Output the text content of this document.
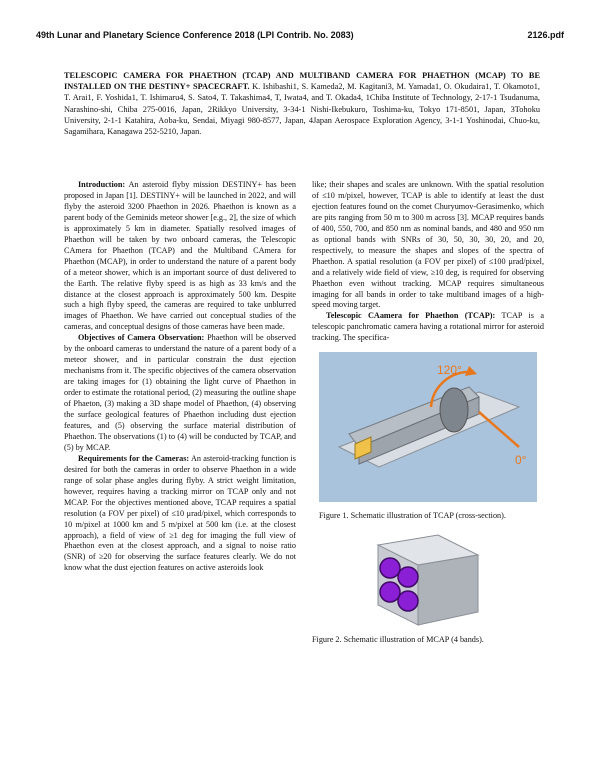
49th Lunar and Planetary Science Conference 2018 (LPI Contrib. No. 2083)	2126.pdf
TELESCOPIC CAMERA FOR PHAETHON (TCAP) AND MULTIBAND CAMERA FOR PHAETHON (MCAP) TO BE INSTALLED ON THE DESTINY+ SPACECRAFT. K. Ishibashi1, S. Kameda2, M. Kagitani3, M. Yamada1, O. Okudaira1, T. Okamoto1, T. Arai1, F. Yoshida1, T. Ishimaru4, S. Sato4, T. Takashima4, T, Iwata4, and T. Okada4, 1Chiba Institute of Technology, 2-17-1 Tsudanuma, Narashino-shi, Chiba 275-0016, Japan, 2Rikkyo University, 3-34-1 Nishi-Ikebukuro, Toshima-ku, Tokyo 171-8501, Japan, 3Tohoku University, 2-1-1 Katahira, Aoba-ku, Sendai, Miyagi 980-8577, Japan, 4Japan Aerospace Exploration Agency, 3-1-1 Yoshinodai, Chuo-ku, Sagamihara, Kanagawa 252-5210, Japan.

Introduction: An asteroid flyby mission DESTINY+ has been proposed in Japan [1]. DESTINY+ will be launched in 2022, and will flyby the asteroid 3200 Phaethon in 2026. Phaethon is known as a parent body of the Geminids meteor shower [e.g., 2], the size of which is approximately 5 km in diameter. Spatially resolved images of Phaethon will be taken by two onboard cameras, the Telescopic CAmera for Phaethon (TCAP) and the Multiband CAmera for Phaethon (MCAP), in order to understand the nature of a parent body of a meteor shower, which is an important source of dust delivered to the Earth. The relative flyby speed is as high as 33 km/s and the distance at the closest approach is approximately 500 km. Despite such a high flyby speed, the cameras are required to take unblurred images of Phaethon. We have carried out conceptual studies of the cameras, and conceptual designs of those cameras have been made.

Objectives of Camera Observation: Phaethon will be observed by the onboard cameras to understand the nature of a parent body of a meteor shower, and in particular constrain the dust ejection mechanisms from it. The specific objectives of the camera observation are taking images for (1) obtaining the light curve of Phaethon in order to estimate the rotational period, (2) measuring the outline shape of Phaeton, (3) making a 3D shape model of Phaethon, (4) observing the surface geological features of Phaethon including dust ejection features, and (5) observing the surface material distribution of Phaethon. The observations (1) to (4) will be conducted by TCAP, and (5) by MCAP.

Requirements for the Cameras: An asteroid-tracking function is desired for both the cameras in order to observe Phaethon in a wide range of solar phase angles during flyby. A strict weight limitation, however, requires having a tracking mirror on TCAP only and not MCAP. For the objectives mentioned above, TCAP requires a spatial resolution (a FOV per pixel) of ≤10 μrad/pixel, which corresponds to 10 m/pixel at 1000 km and 5 m/pixel at 500 km (i.e. at the closest approach), a field of view of ≥1 deg for imaging the full view of Phaethon even at the closest approach, and a signal to noise ratio (SNR) of ≥20 for observing the surface features clearly. We do not know what the dust ejection features on active asteroids look

like; their shapes and scales are unknown. With the spatial resolution of ≤10 m/pixel, however, TCAP is able to identify at least the dust ejection features found on the comet Churyumov-Gerasimenko, which are pits ranging from 50 m to 300 m across [3]. MCAP requires bands of 400, 550, 700, and 850 nm as nominal bands, and 480 and 950 nm as optional bands with SNRs of 30, 50, 30, 30, 20, and 20, respectively, to measure the shapes and slopes of the spectra of Phaethon. A spatial resolution (a FOV per pixel) of ≤100 μrad/pixel, and a relatively wide field of view, ≥10 deg, is required for observing Phaethon even without tracking. MCAP requires simultaneous imaging for all bands in order to take multiband images of a high-speed moving target.

Telescopic CAamera for Phaethon (TCAP): TCAP is a telescopic panchromatic camera having a rotational mirror for asteroid tracking. The specifica-

120°
0°
Figure 1. Schematic illustration of TCAP (cross-section).
Figure 2. Schematic illustration of MCAP (4 bands).
